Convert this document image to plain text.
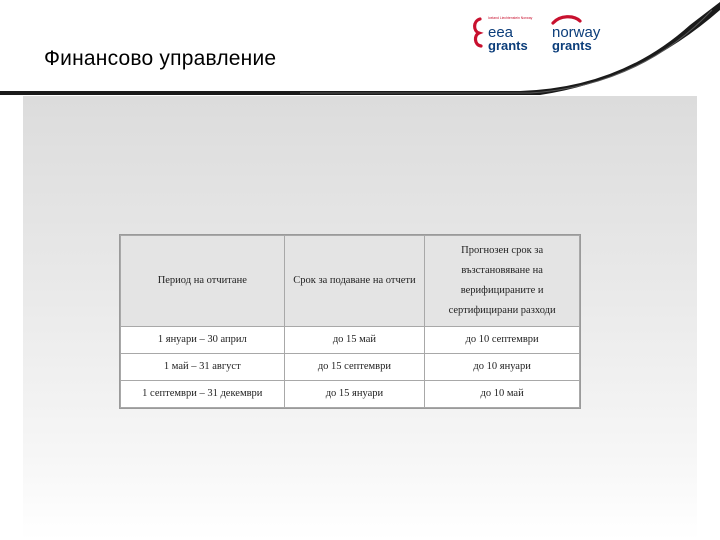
Финансово управление
Iceland Liechtenstein Norway
eea
grants
norway
grants
Период на отчитане	Срок за подаване на отчети	Прогнозен срок за възстановяване на верифицираните и сертифицирани разходи
1 януари – 30 април	до 15 май	до 10 септември
1 май – 31 август	до 15 септември	до 10 януари
1 септември – 31 декември	до 15 януари	до 10 май
